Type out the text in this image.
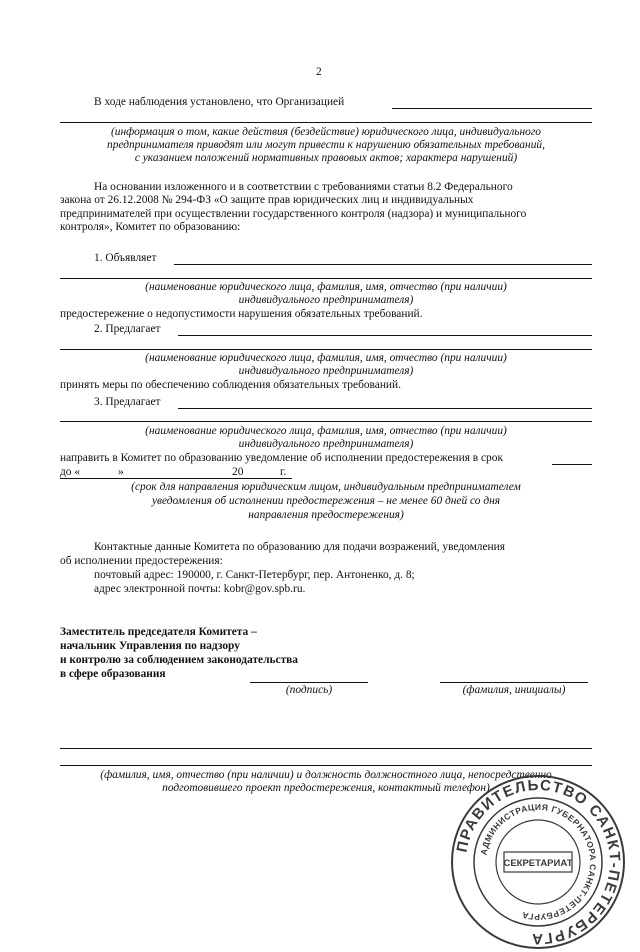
2
В ходе наблюдения установлено, что Организацией
(информация о том, какие действия (бездействие) юридического лица, индивидуального
предпринимателя приводят или могут привести к нарушению обязательных требований,
с указанием положений нормативных правовых актов; характера нарушений)
На основании изложенного и в соответствии с требованиями статьи 8.2 Федерального
закона от 26.12.2008 № 294-ФЗ «О защите прав юридических лиц и индивидуальных
предпринимателей при осуществлении государственного контроля (надзора) и муниципального
контроля», Комитет по образованию:
1. Объявляет
(наименование юридического лица, фамилия, имя, отчество (при наличии)
индивидуального предпринимателя)
предостережение о недопустимости нарушения обязательных требований.
2. Предлагает
(наименование юридического лица, фамилия, имя, отчество (при наличии)
индивидуального предпринимателя)
принять меры по обеспечению соблюдения обязательных требований.
3. Предлагает
(наименование юридического лица, фамилия, имя, отчество (при наличии)
индивидуального предпринимателя)
направить в Комитет по образованию уведомление об исполнении предостережения в срок
до «	»	20	г.
(срок для направления юридическим лицом, индивидуальным предпринимателем
уведомления об исполнении предостережения – не менее 60 дней со дня
направления предостережения)
Контактные данные Комитета по образованию для подачи возражений, уведомления
об исполнении предостережения:
почтовый адрес: 190000, г. Санкт-Петербург, пер. Антоненко, д. 8;
адрес электронной почты: kobr@gov.spb.ru.
Заместитель председателя Комитета –
начальник Управления по надзору
и контролю за соблюдением законодательства
в сфере образования
(подпись)	(фамилия, инициалы)
(фамилия, имя, отчество (при наличии) и должность должностного лица, непосредственно
подготовившего проект предостережения, контактный телефон)
ПРАВИТЕЛЬСТВО САНКТ-ПЕТЕРБУРГА
АДМИНИСТРАЦИЯ ГУБЕРНАТОРА САНКТ-ПЕТЕРБУРГА
СЕКРЕТАРИАТ
